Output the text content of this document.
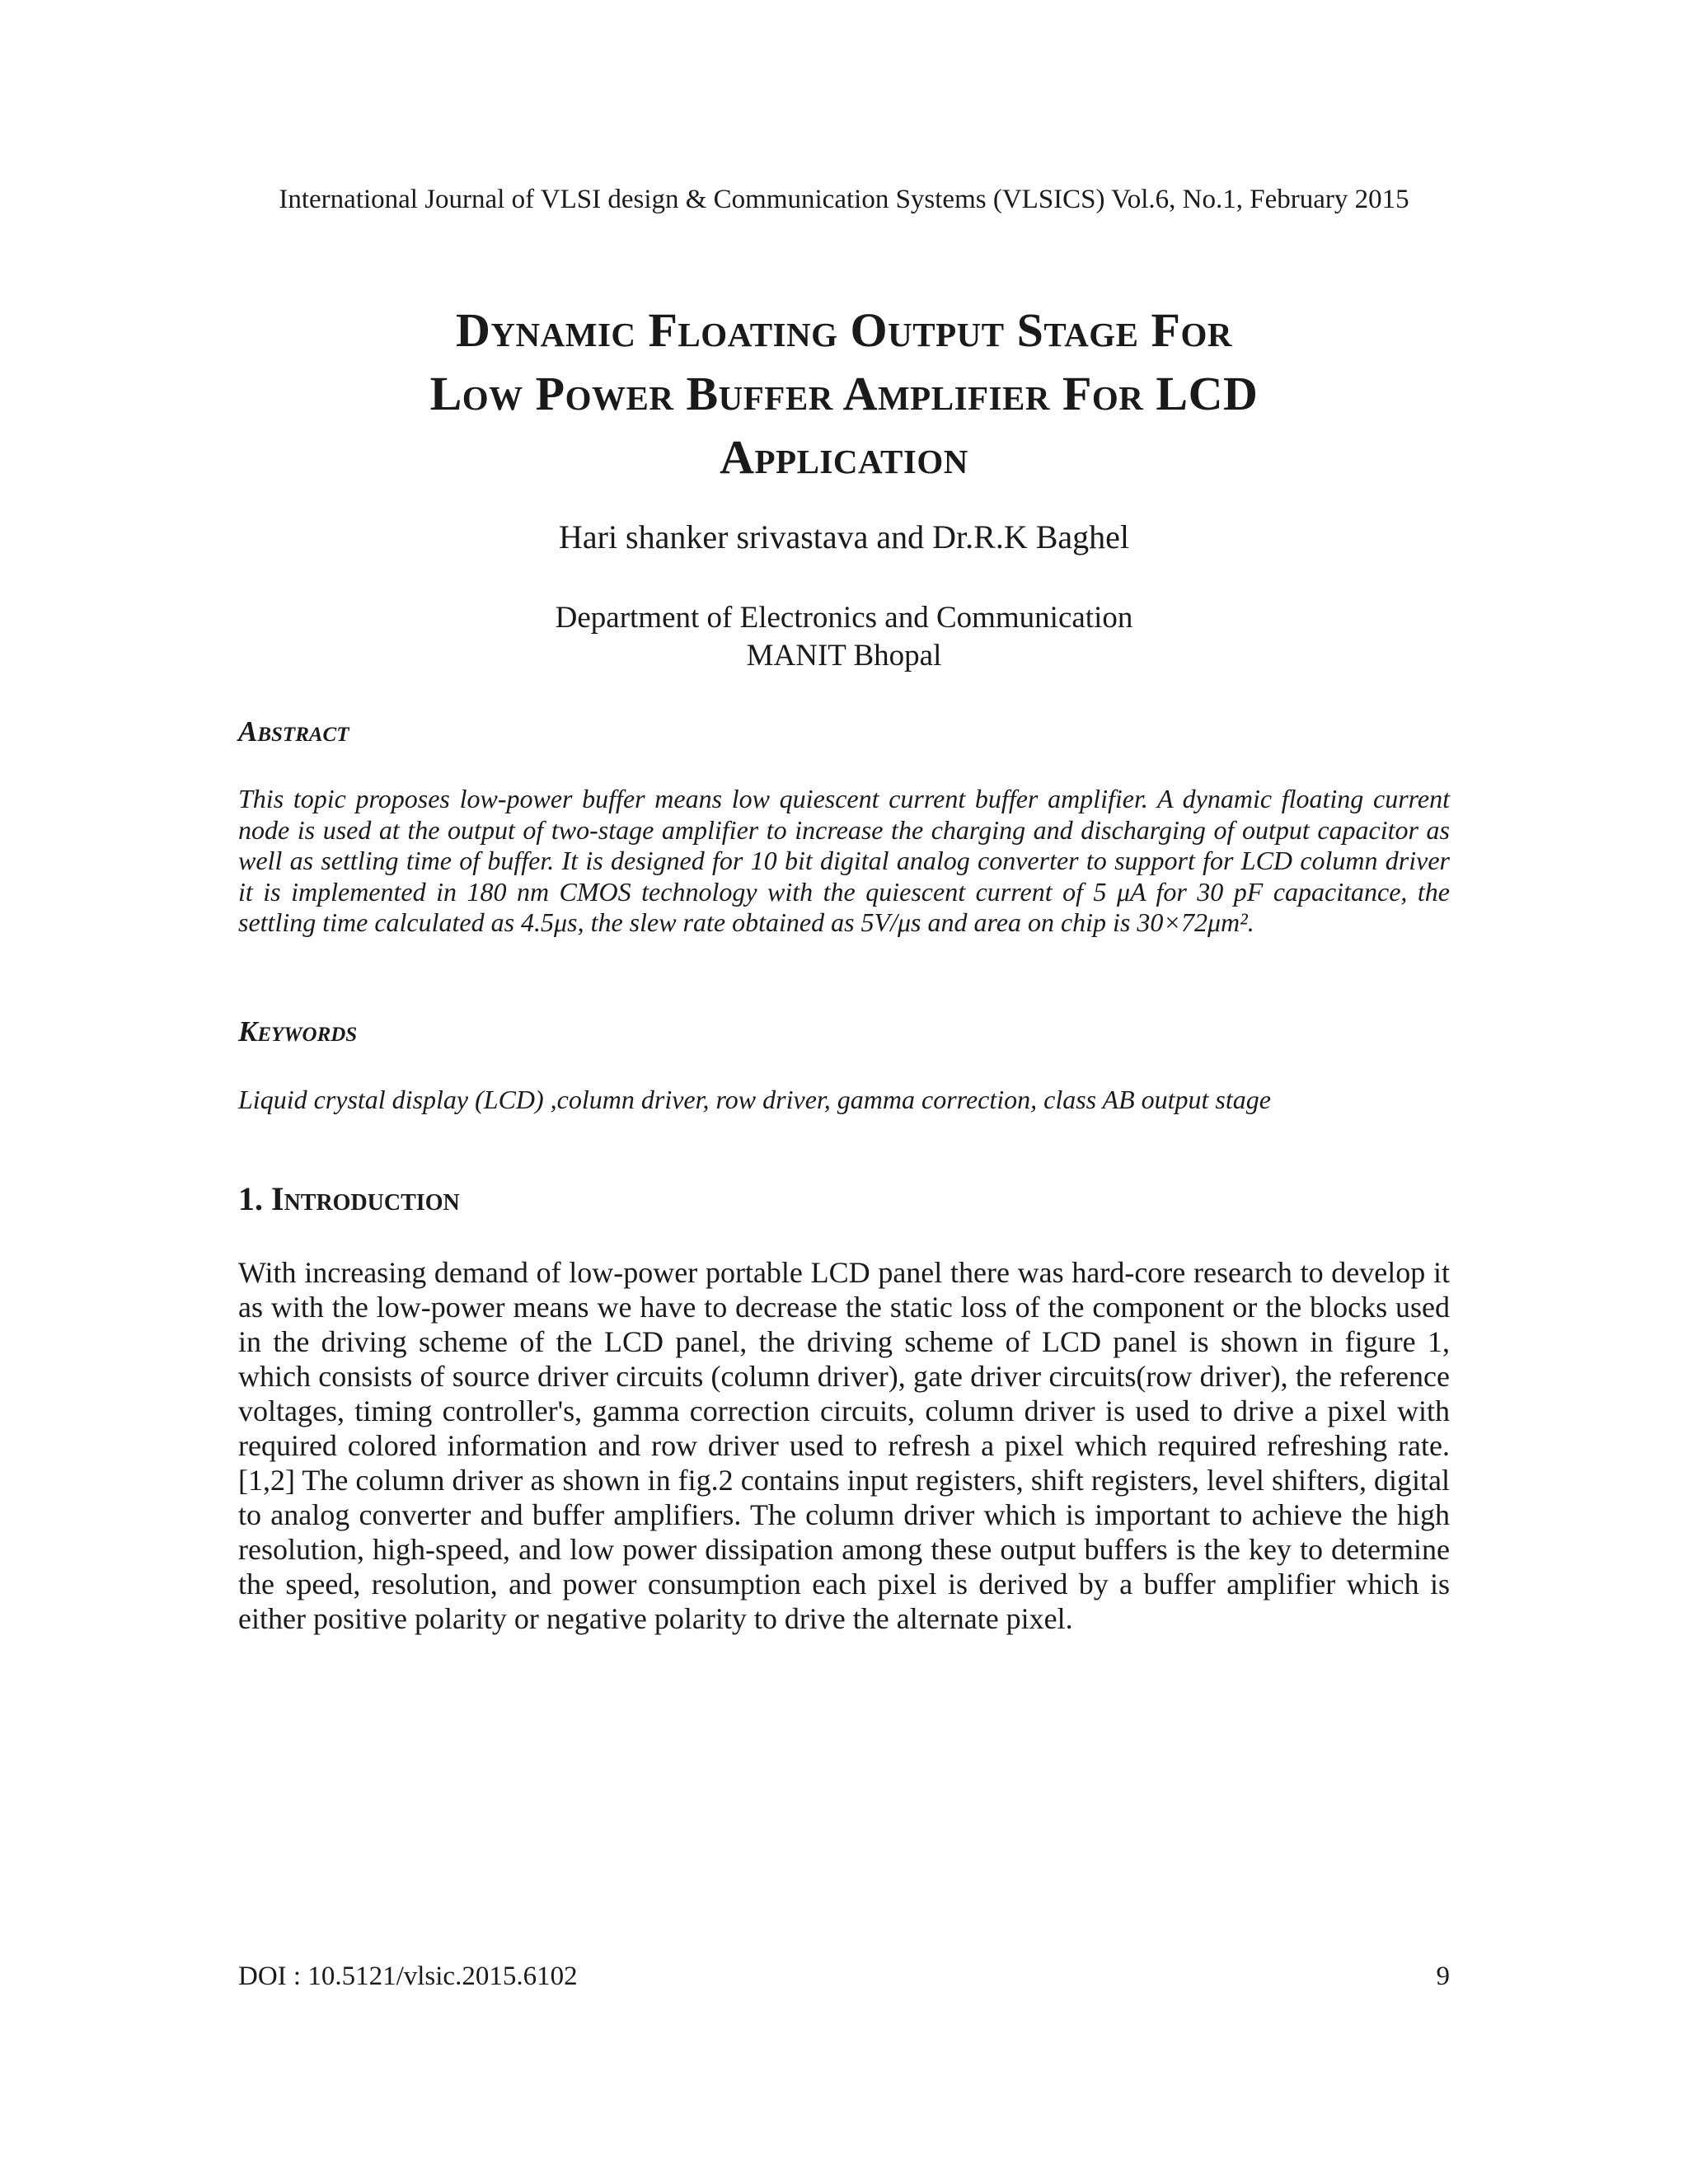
International Journal of VLSI design & Communication Systems (VLSICS) Vol.6, No.1, February 2015
Dynamic Floating Output Stage For
Low Power Buffer Amplifier For LCD
Application
Hari shanker srivastava and Dr.R.K Baghel
Department of Electronics and Communication
MANIT Bhopal
Abstract
This topic proposes low-power buffer means low quiescent current buffer amplifier. A dynamic floating current node is used at the output of two-stage amplifier to increase the charging and discharging of output capacitor as well as settling time of buffer. It is designed for 10 bit digital analog converter to support for LCD column driver it is implemented in 180 nm CMOS technology with the quiescent current of 5 μA for 30 pF capacitance, the settling time calculated as 4.5μs, the slew rate obtained as 5V/μs and area on chip is 30×72μm².
Keywords
Liquid crystal display (LCD) ,column driver, row driver, gamma correction, class AB output stage
1. Introduction
With increasing demand of low-power portable LCD panel there was hard-core research to develop it as with the low-power means we have to decrease the static loss of the component or the blocks used in the driving scheme of the LCD panel, the driving scheme of LCD panel is shown in figure 1, which consists of source driver circuits (column driver), gate driver circuits(row driver), the reference voltages, timing controller's, gamma correction circuits, column driver is used to drive a pixel with required colored information and row driver used to refresh a pixel which required refreshing rate.[1,2] The column driver as shown in fig.2 contains input registers, shift registers, level shifters, digital to analog converter and buffer amplifiers. The column driver which is important to achieve the high resolution, high-speed, and low power dissipation among these output buffers is the key to determine the speed, resolution, and power consumption each pixel is derived by a buffer amplifier which is either positive polarity or negative polarity to drive the alternate pixel.
DOI : 10.5121/vlsic.2015.6102	9
